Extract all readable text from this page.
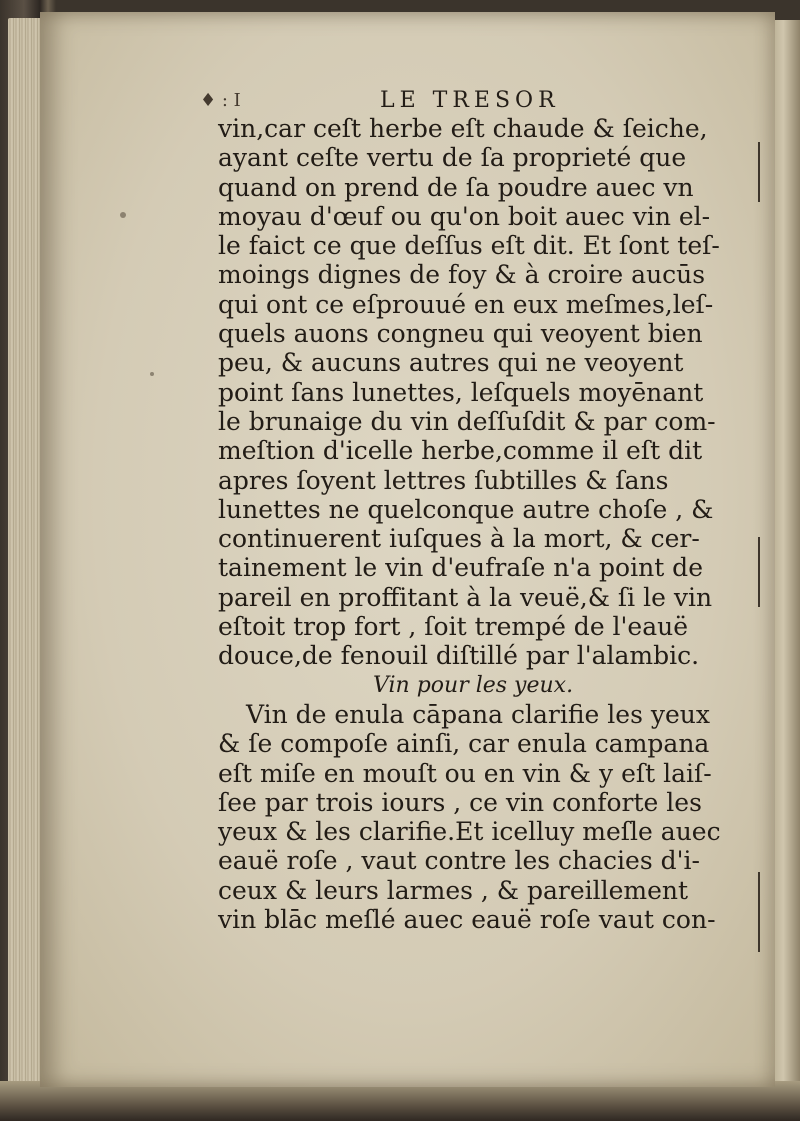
♦ : I	LE TRESOR
vin,car ceſt herbe eſt chaude & ſeiche,
ayant ceſte vertu de ſa proprieté que
quand on prend de ſa poudre auec vn
moyau d'œuf ou qu'on boit auec vin el-
le faict ce que deſſus eſt dit. Et ſont teſ-
moings dignes de foy & à croire aucūs
qui ont ce eſprouué en eux meſmes,leſ-
quels auons congneu qui veoyent bien
peu, & aucuns autres qui ne veoyent
point ſans lunettes, leſquels moyēnant
le brunaige du vin deſſuſdit & par com-
meſtion d'icelle herbe,comme il eſt dit
apres ſoyent lettres ſubtilles & ſans
lunettes ne quelconque autre choſe , &
continuerent iuſques à la mort, & cer-
tainement le vin d'eufraſe n'a point de
pareil en proffitant à la veuë,& ſi le vin
eſtoit trop fort , ſoit trempé de l'eauë
douce,de fenouil diſtillé par l'alambic.
Vin pour les yeux.
Vin de enula cāpana clarifie les yeux
& ſe compoſe ainſi, car enula campana
eſt miſe en mouſt ou en vin & y eſt laiſ-
ſee par trois iours , ce vin conforte les
yeux & les clarifie.Et icelluy meſle auec
eauë roſe , vaut contre les chacies d'i-
ceux & leurs larmes , & pareillement
vin blāc meſlé auec eauë roſe vaut con-
